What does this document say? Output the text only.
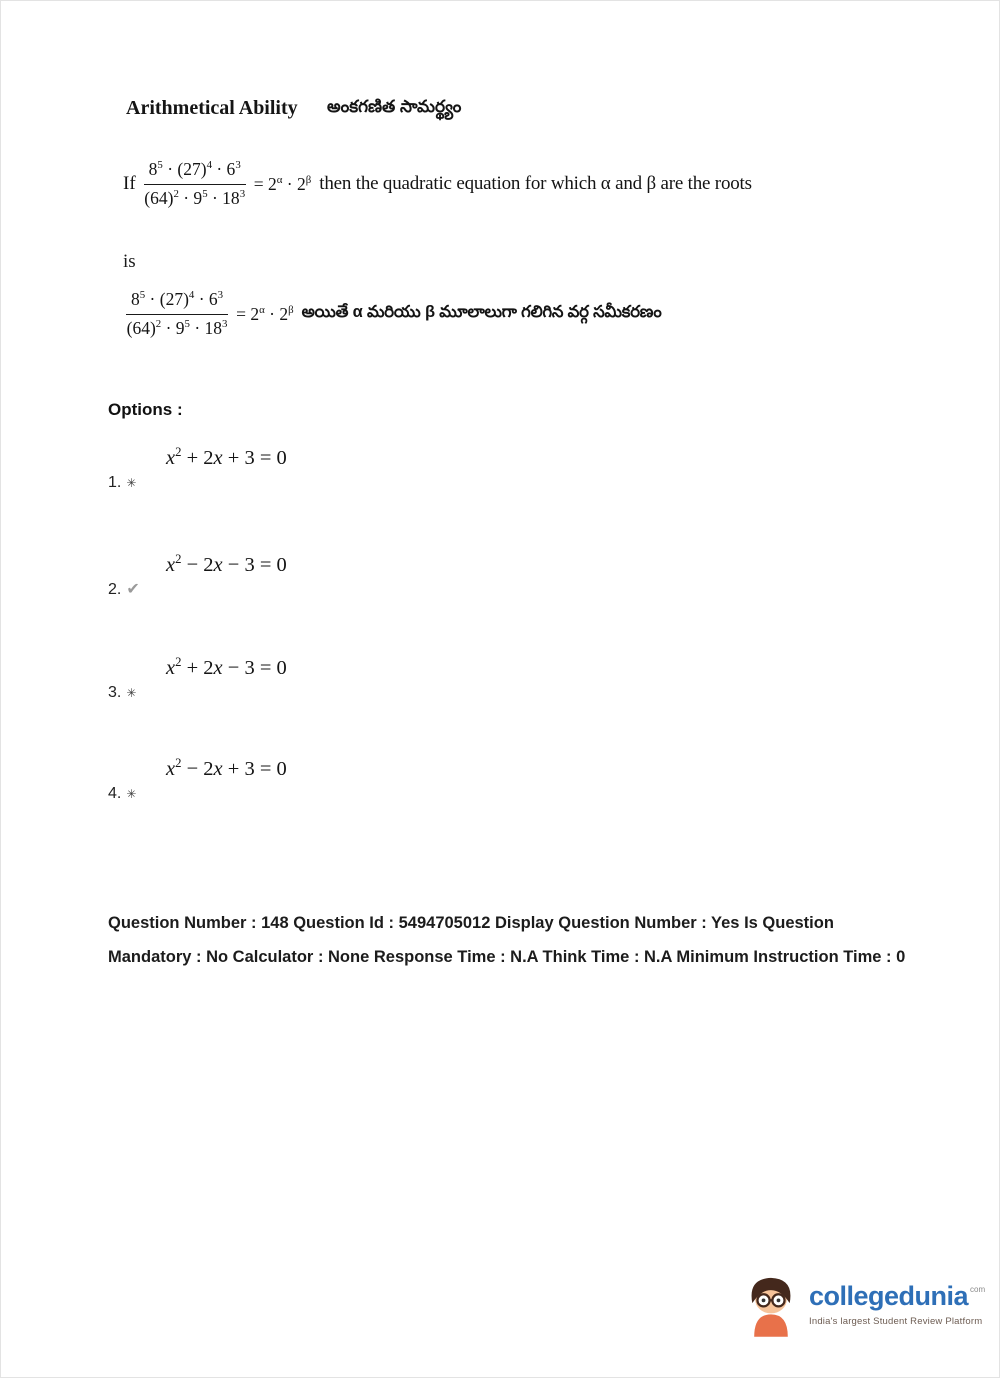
Arithmetical Ability అంకగణిత సామర్థ్యం
If $\frac{8^5 \cdot (27)^4 \cdot 6^3}{(64)^2 \cdot 9^5 \cdot 18^3} = 2^\alpha \cdot 2^\beta$ then the quadratic equation for which α and β are the roots
is
$\frac{8^5 \cdot (27)^4 \cdot 6^3}{(64)^2 \cdot 9^5 \cdot 18^3} = 2^\alpha \cdot 2^\beta$ అయితే α మరియు β మూలాలుగా గలిగిన వర్గ సమీకరణం
Options :
$x^2 + 2x + 3 = 0$
1. ✳
$x^2 - 2x - 3 = 0$
2. ✔
$x^2 + 2x - 3 = 0$
3. ✳
$x^2 - 2x + 3 = 0$
4. ✳
Question Number : 148 Question Id : 5494705012 Display Question Number : Yes Is Question Mandatory : No Calculator : None Response Time : N.A Think Time : N.A Minimum Instruction Time : 0
collegedunia com
India's largest Student Review Platform
